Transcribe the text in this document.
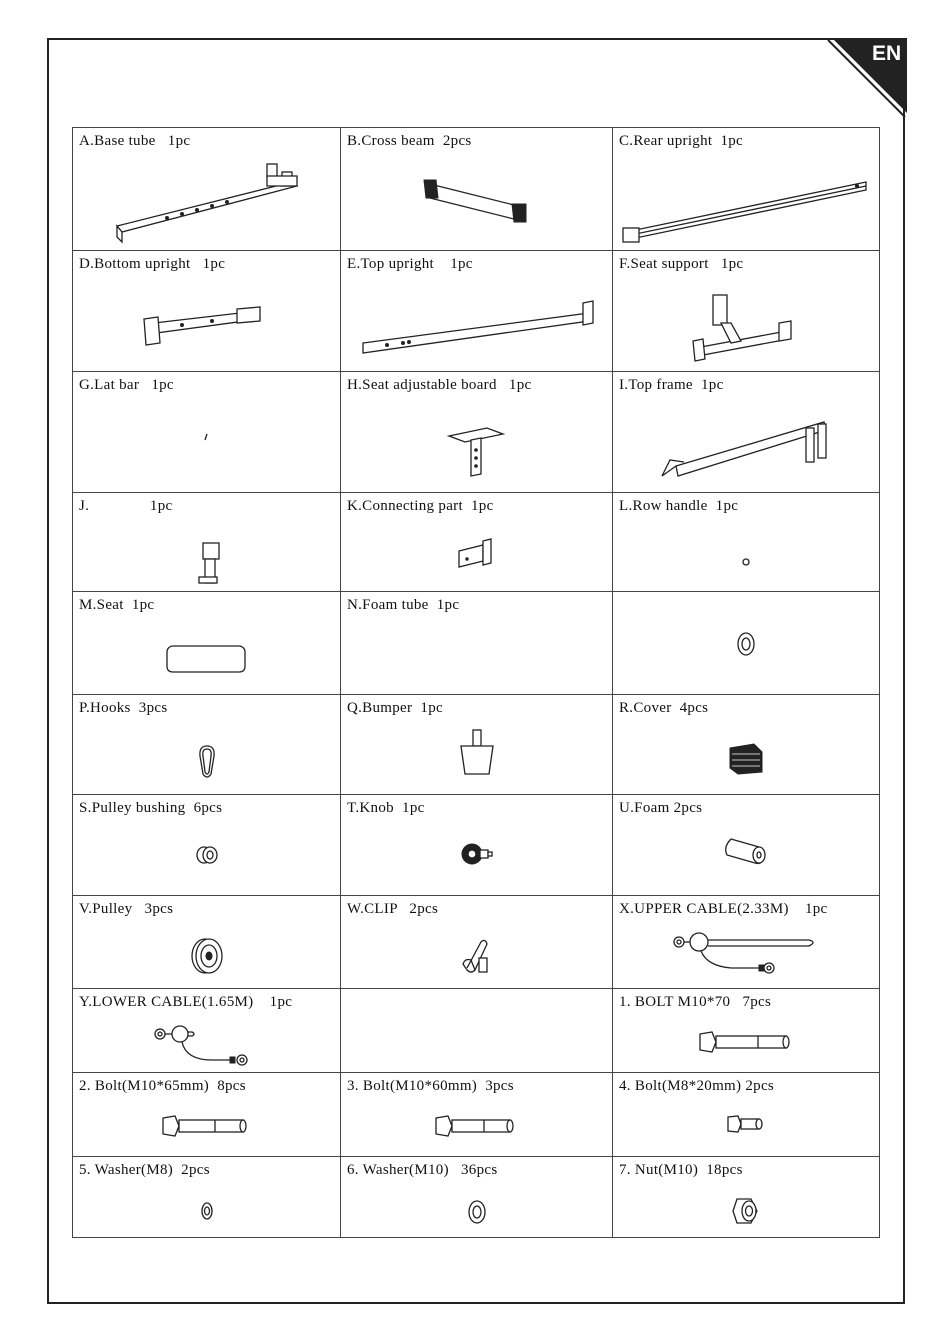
EN
A.Base tube   1pc	B.Cross beam  2pcs	C.Rear upright  1pc

D.Bottom upright   1pc	E.Top upright    1pc	F.Seat support   1pc

G.Lat bar   1pc	H.Seat adjustable board   1pc	I.Top frame  1pc

J.               1pc	K.Connecting part  1pc	L.Row handle  1pc

M.Seat  1pc	N.Foam tube  1pc

P.Hooks  3pcs	Q.Bumper  1pc	R.Cover  4pcs

S.Pulley bushing  6pcs	T.Knob  1pc	U.Foam 2pcs

V.Pulley   3pcs	W.CLIP   2pcs	X.UPPER CABLE(2.33M)    1pc

Y.LOWER CABLE(1.65M)    1pc		1. BOLT M10*70   7pcs

2. Bolt(M10*65mm)  8pcs	3. Bolt(M10*60mm)  3pcs	4. Bolt(M8*20mm) 2pcs

5. Washer(M8)  2pcs	6. Washer(M10)   36pcs	7. Nut(M10)  18pcs
